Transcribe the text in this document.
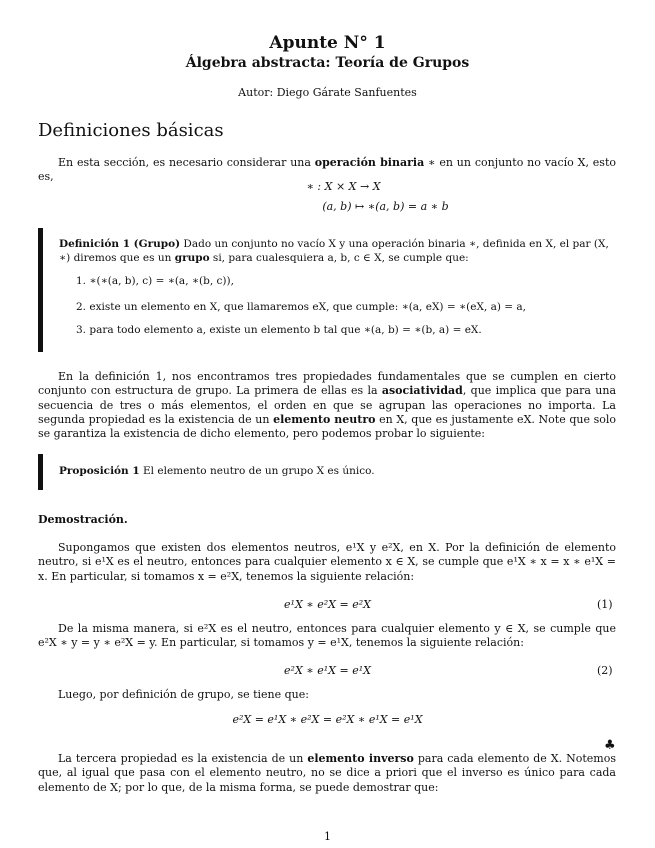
Apunte N° 1
Álgebra abstracta: Teoría de Grupos
Autor: Diego Gárate Sanfuentes
Definiciones básicas

En esta sección, es necesario considerar una operación binaria ∗ en un conjunto no vacío X, esto es,

∗ : X × X → X
(a, b) ↦ ∗(a, b) = a ∗ b

Definición 1 (Grupo) Dado un conjunto no vacío X y una operación binaria ∗, definida en X, el par (X, ∗) diremos que es un grupo si, para cualesquiera a, b, c ∈ X, se cumple que:

1. ∗(∗(a, b), c) = ∗(a, ∗(b, c)),
2. existe un elemento en X, que llamaremos eX, que cumple: ∗(a, eX) = ∗(eX, a) = a,
3. para todo elemento a, existe un elemento b tal que ∗(a, b) = ∗(b, a) = eX.

En la definición 1, nos encontramos tres propiedades fundamentales que se cumplen en cierto conjunto con estructura de grupo. La primera de ellas es la asociatividad, que implica que para una secuencia de tres o más elementos, el orden en que se agrupan las operaciones no importa. La segunda propiedad es la existencia de un elemento neutro en X, que es justamente eX. Note que solo se garantiza la existencia de dicho elemento, pero podemos probar lo siguiente:

Proposición 1 El elemento neutro de un grupo X es único.

Demostración.

Supongamos que existen dos elementos neutros, e¹X y e²X, en X. Por la definición de elemento neutro, si e¹X es el neutro, entonces para cualquier elemento x ∈ X, se cumple que e¹X ∗ x = x ∗ e¹X = x. En particular, si tomamos x = e²X, tenemos la siguiente relación:

e¹X ∗ e²X = e²X	(1)

De la misma manera, si e²X es el neutro, entonces para cualquier elemento y ∈ X, se cumple que e²X ∗ y = y ∗ e²X = y. En particular, si tomamos y = e¹X, tenemos la siguiente relación:

e²X ∗ e¹X = e¹X	(2)

Luego, por definición de grupo, se tiene que:

e²X = e¹X ∗ e²X = e²X ∗ e¹X = e¹X
♣

La tercera propiedad es la existencia de un elemento inverso para cada elemento de X. Notemos que, al igual que pasa con el elemento neutro, no se dice a priori que el inverso es único para cada elemento de X; por lo que, de la misma forma, se puede demostrar que:

1
